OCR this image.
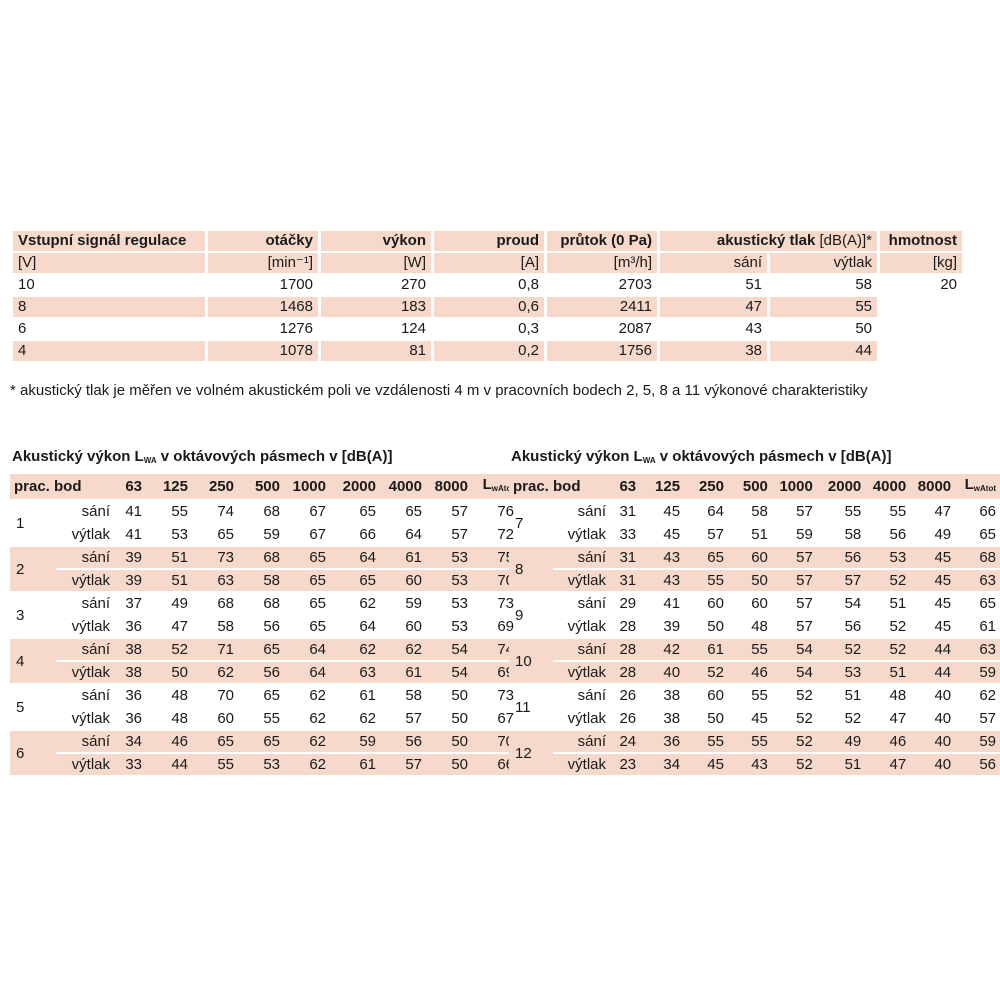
Vstupní signál regulace	otáčky	výkon	proud	průtok (0 Pa)	akustický tlak [dB(A)]*		hmotnost
[V]	[min⁻¹]	[W]	[A]	[m³/h]	sání	výtlak	[kg]
10	1700	270	0,8	2703	51	58	20
8	1468	183	0,6	2411	47	55	
6	1276	124	0,3	2087	43	50	
4	1078	81	0,2	1756	38	44	
* akustický tlak je měřen ve volném akustickém poli ve vzdálenosti 4 m v pracovních bodech 2, 5, 8 a 11 výkonové charakteristiky
Akustický výkon $L_{WA}$ v oktávových pásmech v [dB(A)]	Akustický výkon $L_{WA}$ v oktávových pásmech v [dB(A)]
prac. bod		63	125	250	500	1000	2000	4000	8000	$L_{wAtot}$
1	sání	41	55	74	68	67	65	65	57	76
	výtlak	41	53	65	59	67	66	64	57	72
2	sání	39	51	73	68	65	64	61	53	75
	výtlak	39	51	63	58	65	65	60	53	70
3	sání	37	49	68	68	65	62	59	53	73
	výtlak	36	47	58	56	65	64	60	53	69
4	sání	38	52	71	65	64	62	62	54	74
	výtlak	38	50	62	56	64	63	61	54	69
5	sání	36	48	70	65	62	61	58	50	73
	výtlak	36	48	60	55	62	62	57	50	67
6	sání	34	46	65	65	62	59	56	50	70
	výtlak	33	44	55	53	62	61	57	50	66
prac. bod		63	125	250	500	1000	2000	4000	8000	$L_{wAtot}$
7	sání	31	45	64	58	57	55	55	47	66
	výtlak	33	45	57	51	59	58	56	49	65
8	sání	31	43	65	60	57	56	53	45	68
	výtlak	31	43	55	50	57	57	52	45	63
9	sání	29	41	60	60	57	54	51	45	65
	výtlak	28	39	50	48	57	56	52	45	61
10	sání	28	42	61	55	54	52	52	44	63
	výtlak	28	40	52	46	54	53	51	44	59
11	sání	26	38	60	55	52	51	48	40	62
	výtlak	26	38	50	45	52	52	47	40	57
12	sání	24	36	55	55	52	49	46	40	59
	výtlak	23	34	45	43	52	51	47	40	56
